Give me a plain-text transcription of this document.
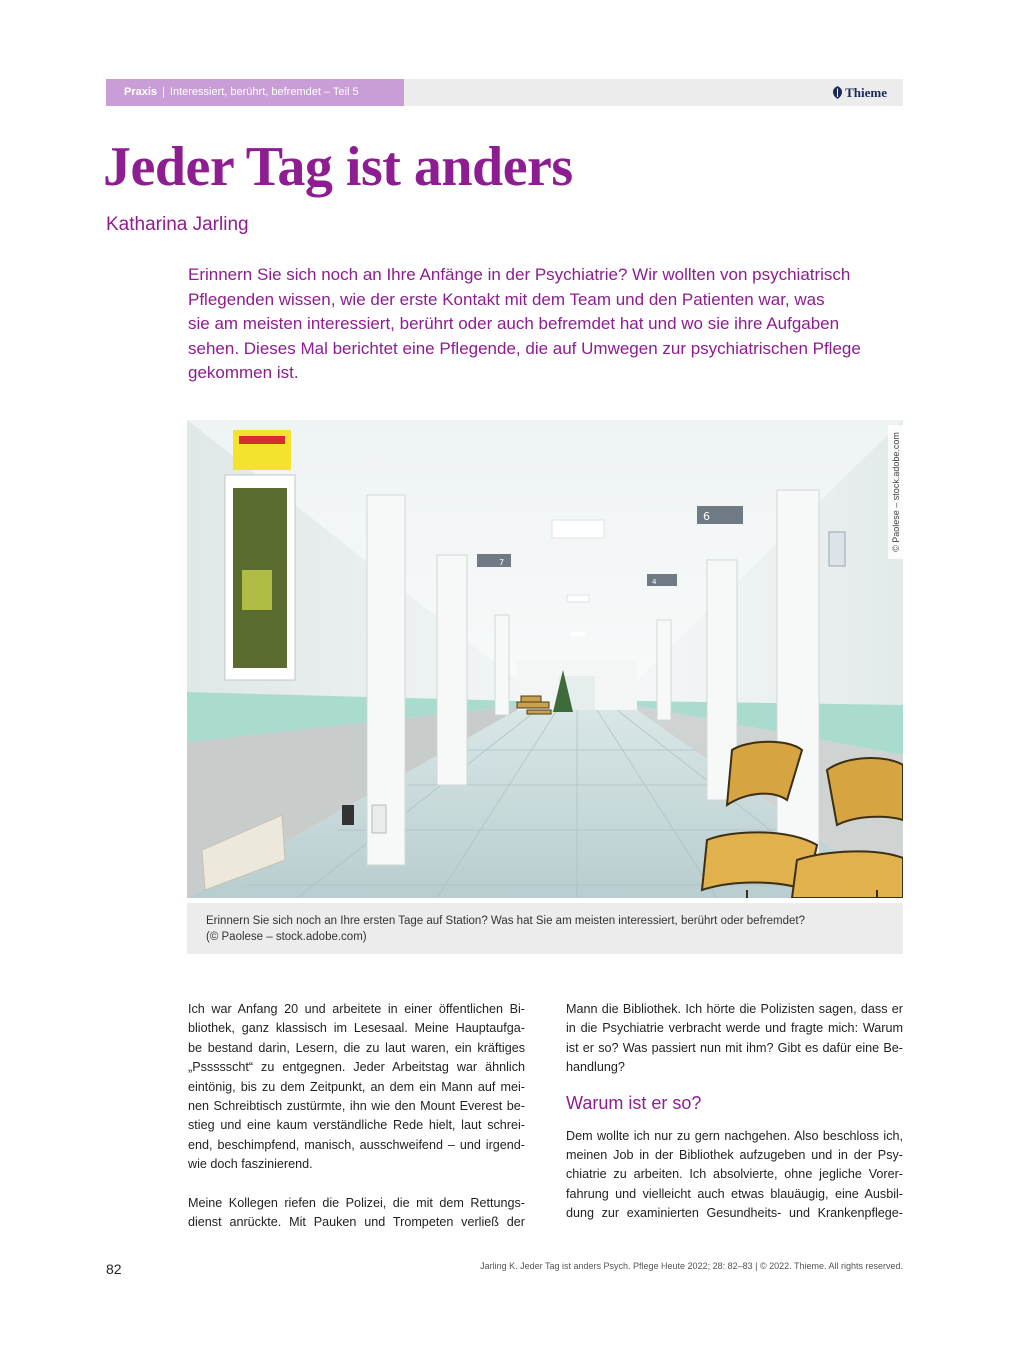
Praxis | Interessiert, berührt, befremdet – Teil 5	Thieme
Jeder Tag ist anders
Katharina Jarling
Erinnern Sie sich noch an Ihre Anfänge in der Psychiatrie? Wir wollten von psychiatrisch
Pflegenden wissen, wie der erste Kontakt mit dem Team und den Patienten war, was
sie am meisten interessiert, berührt oder auch befremdet hat und wo sie ihre Aufgaben
sehen. Dieses Mal berichtet eine Pflegende, die auf Umwegen zur psychiatrischen Pflege
gekommen ist.
6
7
4
© Paolese – stock.adobe.com
Erinnern Sie sich noch an Ihre ersten Tage auf Station? Was hat Sie am meisten interessiert, berührt oder befremdet?
(© Paolese – stock.adobe.com)
Ich war Anfang 20 und arbeitete in einer öffentlichen Bi-
bliothek, ganz klassisch im Lesesaal. Meine Hauptaufga-
be bestand darin, Lesern, die zu laut waren, ein kräftiges
„Pssssscht“ zu entgegnen. Jeder Arbeitstag war ähnlich
eintönig, bis zu dem Zeitpunkt, an dem ein Mann auf mei-
nen Schreibtisch zustürmte, ihn wie den Mount Everest be-
stieg und eine kaum verständliche Rede hielt, laut schrei-
end, beschimpfend, manisch, ausschweifend – und irgend-
wie doch faszinierend.
Meine Kollegen riefen die Polizei, die mit dem Rettungs-
dienst anrückte. Mit Pauken und Trompeten verließ der
Mann die Bibliothek. Ich hörte die Polizisten sagen, dass er
in die Psychiatrie verbracht werde und fragte mich: Warum
ist er so? Was passiert nun mit ihm? Gibt es dafür eine Be-
handlung?
Warum ist er so?
Dem wollte ich nur zu gern nachgehen. Also beschloss ich,
meinen Job in der Bibliothek aufzugeben und in der Psy-
chiatrie zu arbeiten. Ich absolvierte, ohne jegliche Vorer-
fahrung und vielleicht auch etwas blauäugig, eine Ausbil-
dung zur examinierten Gesundheits- und Krankenpflege-
82	Jarling K. Jeder Tag ist anders Psych. Pflege Heute 2022; 28: 82–83 | © 2022. Thieme. All rights reserved.
